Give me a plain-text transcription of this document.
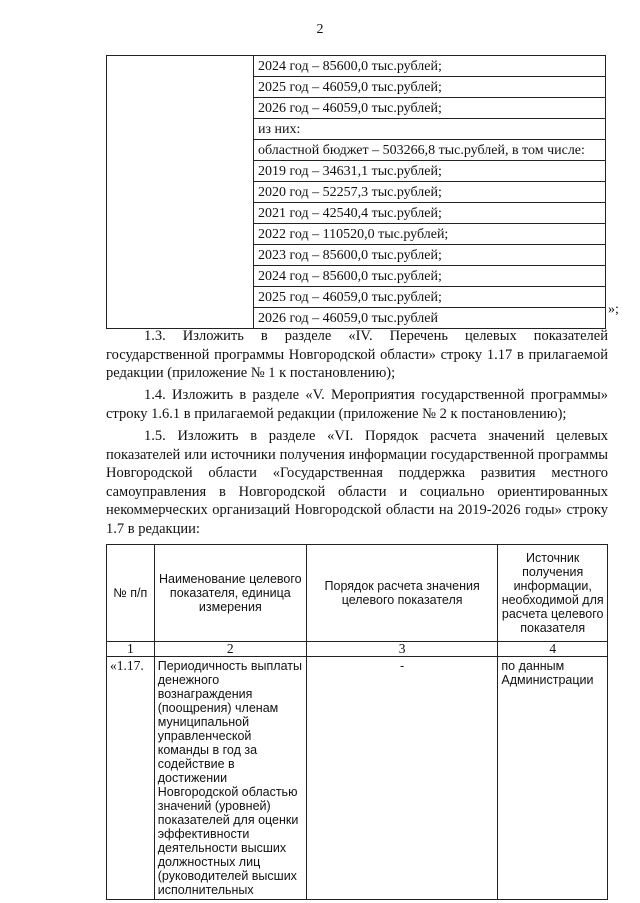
2

2024 год – 85600,0 тыс.рублей;
2025 год – 46059,0 тыс.рублей;
2026 год – 46059,0 тыс.рублей;
из них:
областной бюджет – 503266,8 тыс.рублей, в том числе:
2019 год – 34631,1 тыс.рублей;
2020 год – 52257,3 тыс.рублей;
2021 год – 42540,4 тыс.рублей;
2022 год – 110520,0 тыс.рублей;
2023 год – 85600,0 тыс.рублей;
2024 год – 85600,0 тыс.рублей;
2025 год – 46059,0 тыс.рублей;
2026 год – 46059,0 тыс.рублей
»;

1.3. Изложить в разделе «IV. Перечень целевых показателей государственной программы Новгородской области» строку 1.17 в прилагаемой редакции (приложение № 1 к постановлению);

1.4. Изложить в разделе «V. Мероприятия государственной программы» строку 1.6.1 в прилагаемой редакции (приложение № 2 к постановлению);

1.5. Изложить в разделе «VI. Порядок расчета значений целевых показателей или источники получения информации государственной программы Новгородской области «Государственная поддержка развития местного самоуправления в Новгородской области и социально ориентированных некоммерческих организаций Новгородской области на 2019-2026 годы» строку 1.7 в редакции:

№ п/п	Наименование целевого показателя, единица измерения	Порядок расчета значения целевого показателя	Источник получения информации, необходимой для расчета целевого показателя
1	2	3	4
«1.17.	Периодичность выплаты денежного вознаграждения (поощрения) членам муниципальной управленческой команды в год за содействие в достижении Новгородской областью значений (уровней) показателей для оценки эффективности деятельности высших должностных лиц (руководителей высших исполнительных	-	по данным Администрации
